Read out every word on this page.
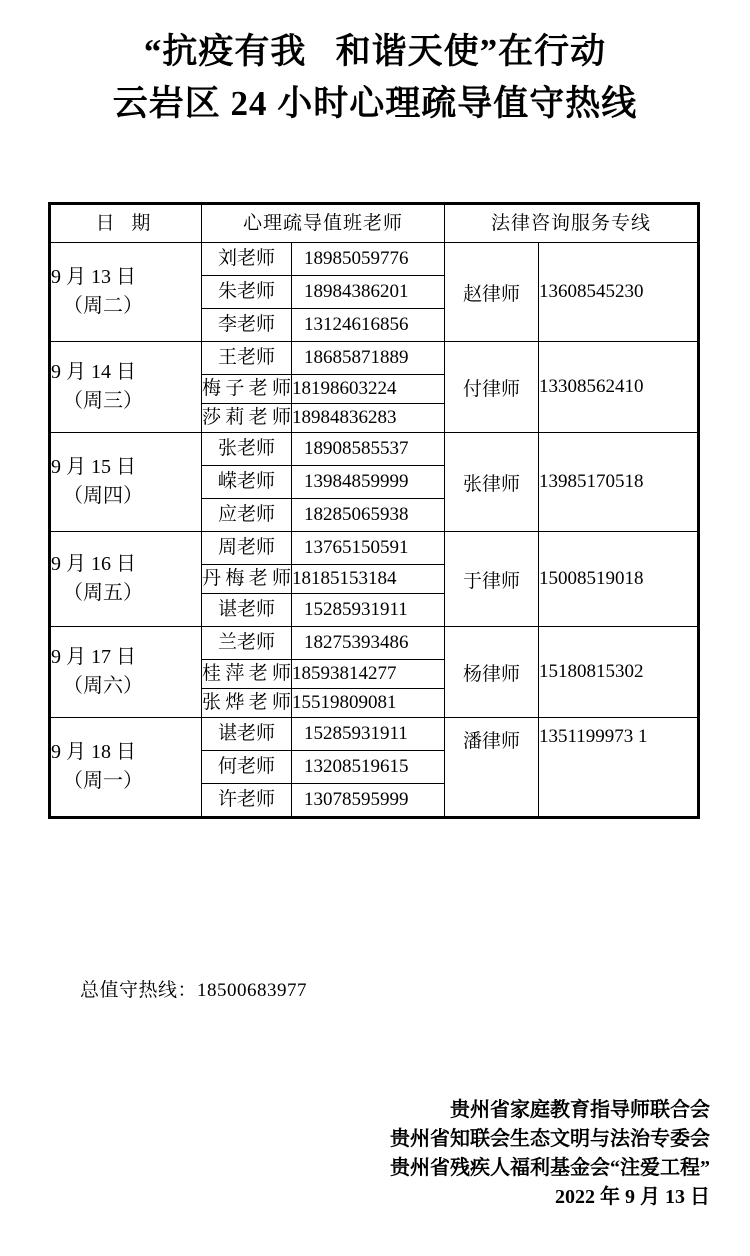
“抗疫有我   和谐天使”在行动
云岩区 24 小时心理疏导值守热线
日 期	心理疏导值班老师		法律咨询服务专线	
9 月 13 日
（周二）	刘老师	18985059776	赵律师	13608545230
	朱老师	18984386201		
	李老师	13124616856		
9 月 14 日
（周三）	王老师	18685871889	付律师	13308562410

	梅子老师	18198603224		

	莎莉老师	18984836283		
9 月 15 日
（周四）	张老师	18908585537	张律师	13985170518
	嵘老师	13984859999		
	应老师	18285065938		
9 月 16 日
（周五）	周老师	13765150591	于律师	15008519018

	丹梅老师	18185153184		
	谌老师	15285931911		
9 月 17 日
（周六）	兰老师	18275393486	杨律师	15180815302

	桂萍老师	18593814277		

	张烨老师	15519809081		
9 月 18 日
（周一）	谌老师	15285931911	潘律师	1351199973 1
	何老师	13208519615		
	许老师	13078595999		
总值守热线：18500683977
贵州省家庭教育指导师联合会
贵州省知联会生态文明与法治专委会
贵州省残疾人福利基金会“注爱工程”
2022 年 9 月 13 日
